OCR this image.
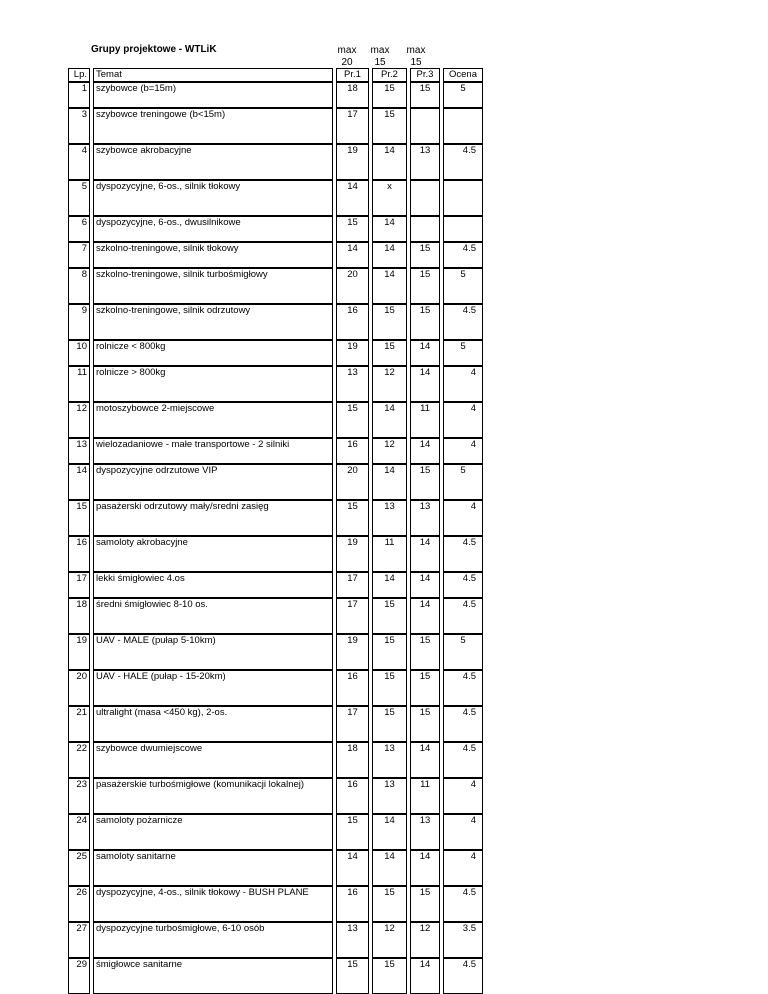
Grupy projektowe - WTLiK	max
20
max
15
max
15
Lp.	Temat	Pr.1	Pr.2	Pr.3	Ocena
1	szybowce (b=15m)	18	15	15	5
3	szybowce treningowe (b<15m)	17	15		
4	szybowce akrobacyjne	19	14	13	4.5
5	dyspozycyjne, 6-os., silnik tłokowy	14	x		
6	dyspozycyjne, 6-os., dwusilnikowe	15	14		
7	szkolno-treningowe, silnik tłokowy	14	14	15	4.5
8	szkolno-treningowe, silnik turbośmigłowy	20	14	15	5
9	szkolno-treningowe, silnik odrzutowy	16	15	15	4.5
10	rolnicze < 800kg	19	15	14	5
11	rolnicze > 800kg	13	12	14	4
12	motoszybowce 2-miejscowe	15	14	11	4
13	wielozadaniowe - małe transportowe - 2 silniki	16	12	14	4
14	dyspozycyjne odrzutowe VIP	20	14	15	5
15	pasażerski odrzutowy mały/sredni zasięg	15	13	13	4
16	samoloty akrobacyjne	19	11	14	4.5
17	lekki śmigłowiec 4.os	17	14	14	4.5
18	średni śmigłowiec 8-10 os.	17	15	14	4.5
19	UAV - MALE (pułap 5-10km)	19	15	15	5
20	UAV - HALE (pułap - 15-20km)	16	15	15	4.5
21	ultralight (masa <450 kg), 2-os.	17	15	15	4.5
22	szybowce dwumiejscowe	18	13	14	4.5
23	pasażerskie turbośmigłowe (komunikacji lokalnej)	16	13	11	4
24	samoloty pożarnicze	15	14	13	4
25	samoloty sanitarne	14	14	14	4
26	dyspozycyjne, 4-os., silnik tłokowy - BUSH PLANE	16	15	15	4.5
27	dyspozycyjne turbośmigłowe, 6-10 osób	13	12	12	3.5
29	śmigłowce sanitarne	15	15	14	4.5
